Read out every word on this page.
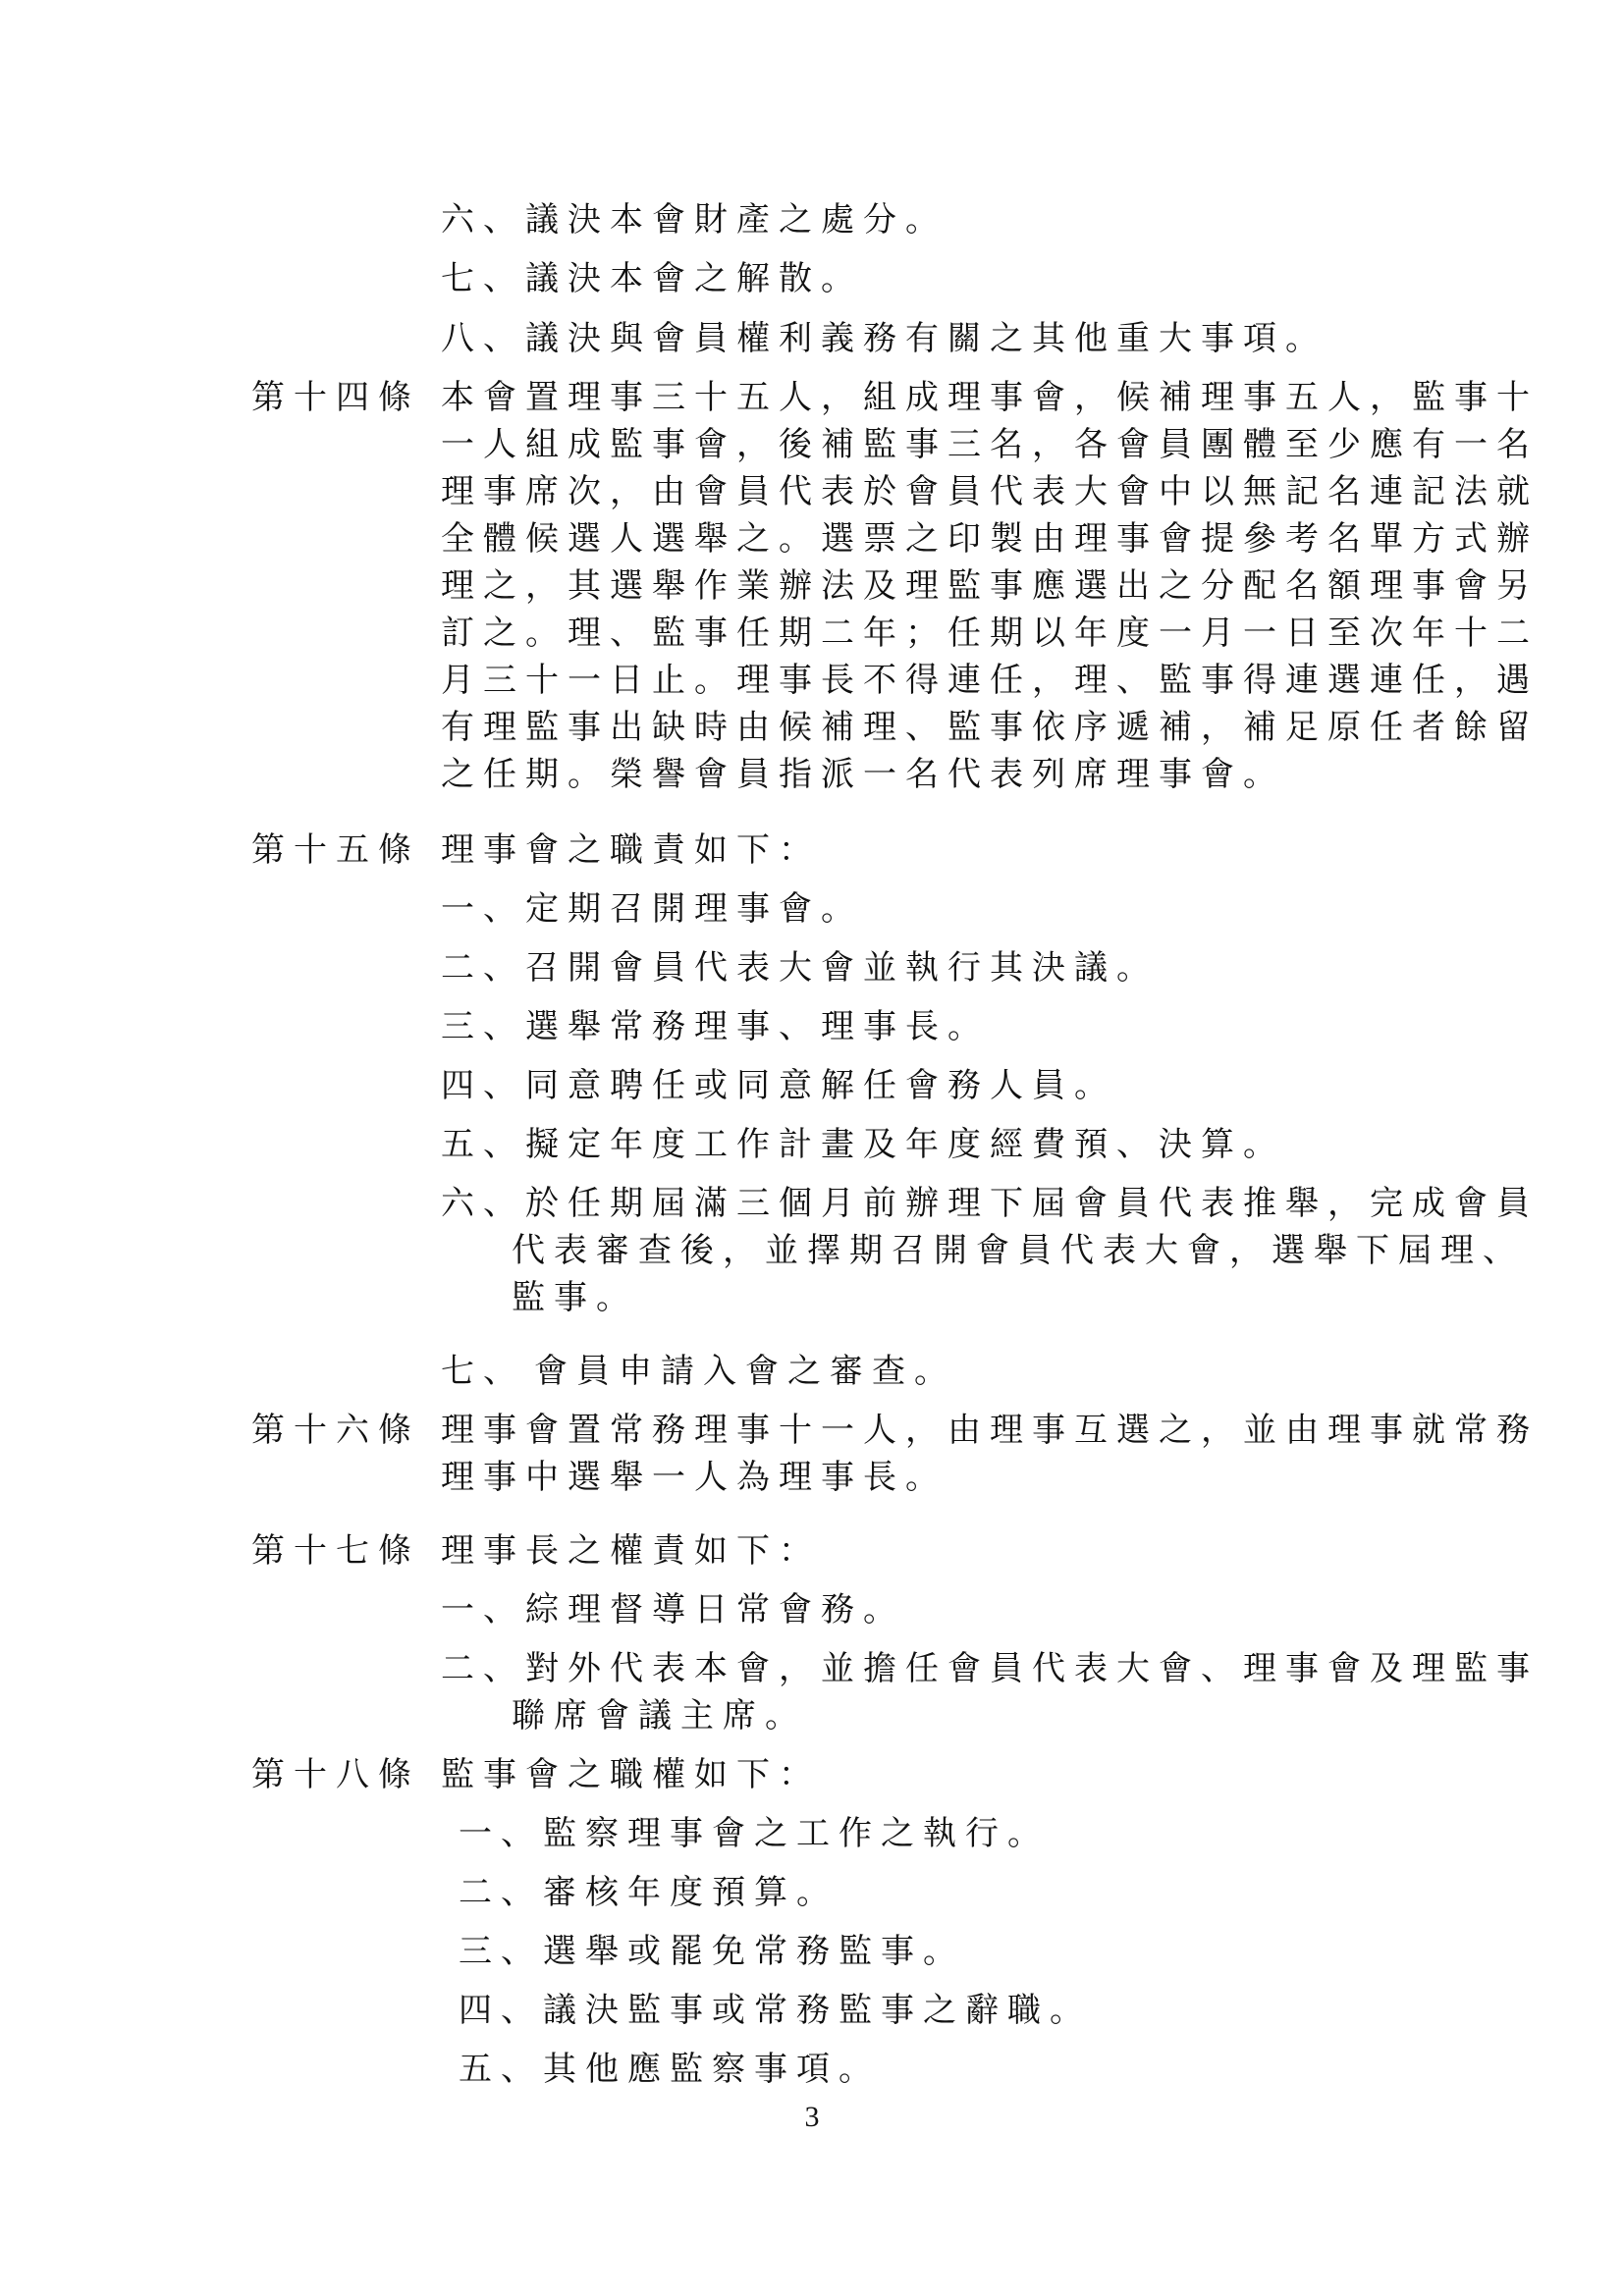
六、議決本會財產之處分。
七、議決本會之解散。
八、議決與會員權利義務有關之其他重大事項。
第十四條 本會置理事三十五人，組成理事會，候補理事五人，監事十
一人組成監事會，後補監事三名，各會員團體至少應有一名
理事席次，由會員代表於會員代表大會中以無記名連記法就
全體候選人選舉之。選票之印製由理事會提參考名單方式辦
理之，其選舉作業辦法及理監事應選出之分配名額理事會另
訂之。理、監事任期二年；任期以年度一月一日至次年十二
月三十一日止。理事長不得連任，理、監事得連選連任，遇
有理監事出缺時由候補理、監事依序遞補，補足原任者餘留
之任期。榮譽會員指派一名代表列席理事會。
第十五條 理事會之職責如下：
一、定期召開理事會。
二、召開會員代表大會並執行其決議。
三、選舉常務理事、理事長。
四、同意聘任或同意解任會務人員。
五、擬定年度工作計畫及年度經費預、決算。
六、於任期屆滿三個月前辦理下屆會員代表推舉，完成會員
代表審查後，並擇期召開會員代表大會，選舉下屆理、
監事。
七、 會員申請入會之審查。
第十六條 理事會置常務理事十一人，由理事互選之，並由理事就常務
理事中選舉一人為理事長。
第十七條 理事長之權責如下：
一、綜理督導日常會務。
二、對外代表本會，並擔任會員代表大會、理事會及理監事
聯席會議主席。
第十八條 監事會之職權如下：
一、監察理事會之工作之執行。
二、審核年度預算。
三、選舉或罷免常務監事。
四、議決監事或常務監事之辭職。
五、其他應監察事項。
3
